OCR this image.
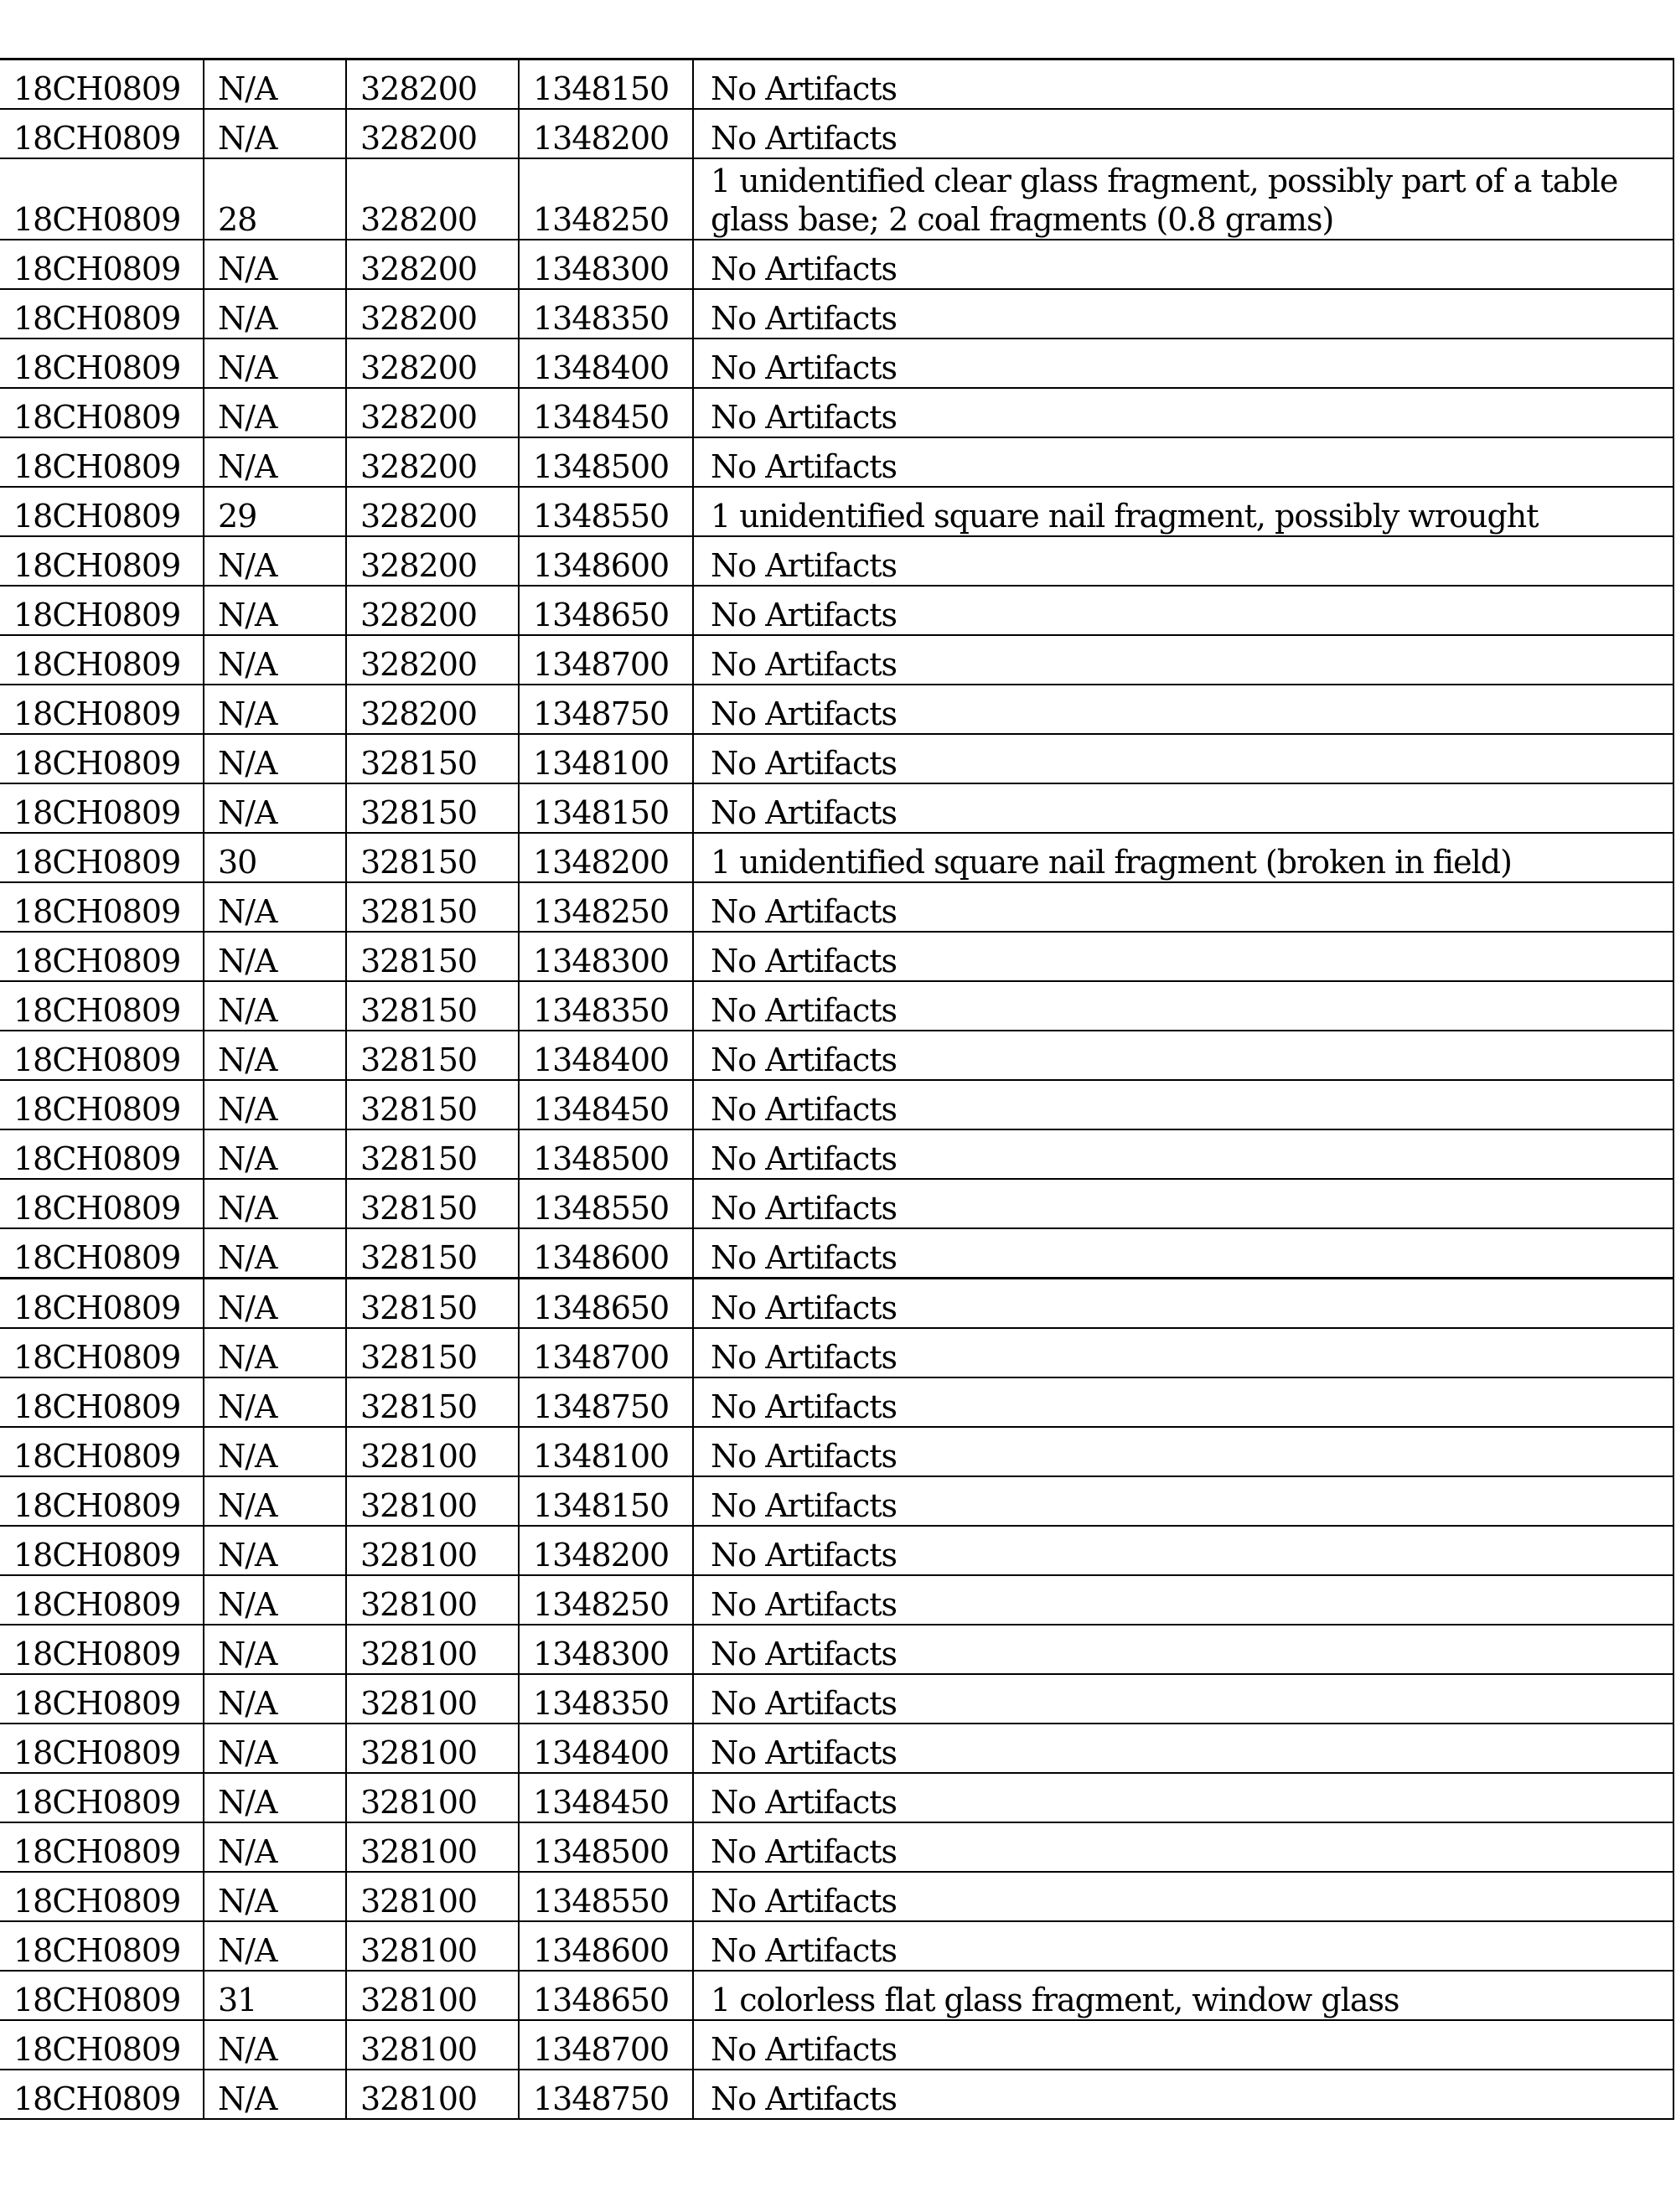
18CH0809	N/A	328200	1348150	No Artifacts
18CH0809	N/A	328200	1348200	No Artifacts
18CH0809	28	328200	1348250	1 unidentified clear glass fragment, possibly part of a table glass base; 2 coal fragments (0.8 grams)
18CH0809	N/A	328200	1348300	No Artifacts
18CH0809	N/A	328200	1348350	No Artifacts
18CH0809	N/A	328200	1348400	No Artifacts
18CH0809	N/A	328200	1348450	No Artifacts
18CH0809	N/A	328200	1348500	No Artifacts
18CH0809	29	328200	1348550	1 unidentified square nail fragment, possibly wrought
18CH0809	N/A	328200	1348600	No Artifacts
18CH0809	N/A	328200	1348650	No Artifacts
18CH0809	N/A	328200	1348700	No Artifacts
18CH0809	N/A	328200	1348750	No Artifacts
18CH0809	N/A	328150	1348100	No Artifacts
18CH0809	N/A	328150	1348150	No Artifacts
18CH0809	30	328150	1348200	1 unidentified square nail fragment (broken in field)
18CH0809	N/A	328150	1348250	No Artifacts
18CH0809	N/A	328150	1348300	No Artifacts
18CH0809	N/A	328150	1348350	No Artifacts
18CH0809	N/A	328150	1348400	No Artifacts
18CH0809	N/A	328150	1348450	No Artifacts
18CH0809	N/A	328150	1348500	No Artifacts
18CH0809	N/A	328150	1348550	No Artifacts
18CH0809	N/A	328150	1348600	No Artifacts
18CH0809	N/A	328150	1348650	No Artifacts
18CH0809	N/A	328150	1348700	No Artifacts
18CH0809	N/A	328150	1348750	No Artifacts
18CH0809	N/A	328100	1348100	No Artifacts
18CH0809	N/A	328100	1348150	No Artifacts
18CH0809	N/A	328100	1348200	No Artifacts
18CH0809	N/A	328100	1348250	No Artifacts
18CH0809	N/A	328100	1348300	No Artifacts
18CH0809	N/A	328100	1348350	No Artifacts
18CH0809	N/A	328100	1348400	No Artifacts
18CH0809	N/A	328100	1348450	No Artifacts
18CH0809	N/A	328100	1348500	No Artifacts
18CH0809	N/A	328100	1348550	No Artifacts
18CH0809	N/A	328100	1348600	No Artifacts
18CH0809	31	328100	1348650	1 colorless flat glass fragment, window glass
18CH0809	N/A	328100	1348700	No Artifacts
18CH0809	N/A	328100	1348750	No Artifacts
